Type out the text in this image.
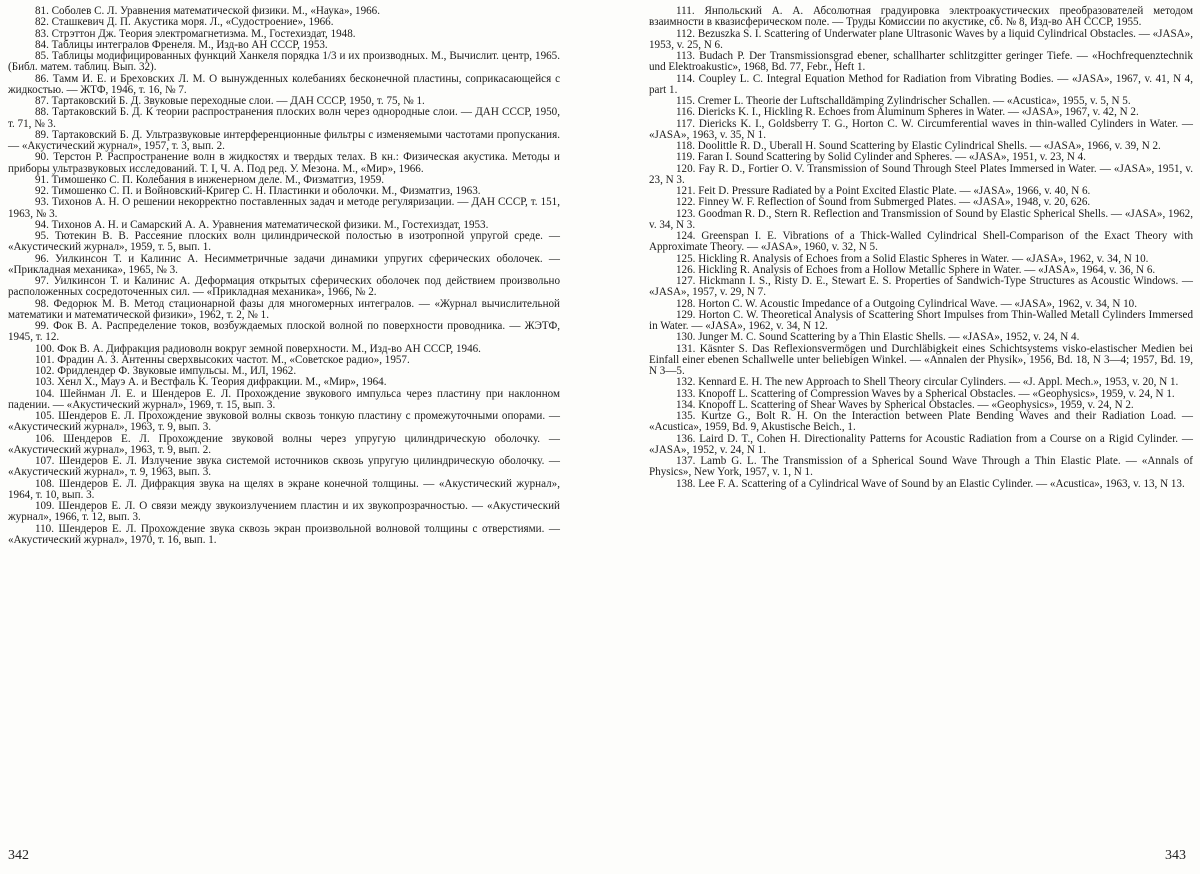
81. Соболев С. Л. Уравнения математической физики. М., «Наука», 1966.

82. Сташкевич Д. П. Акустика моря. Л., «Судостроение», 1966.

83. Стрэттон Дж. Теория электромагнетизма. М., Гостехиздат, 1948.

84. Таблицы интегралов Френеля. М., Изд-во АН СССР, 1953.

85. Таблицы модифицированных функций Ханкеля порядка 1/3 и их производных. М., Вычислит. центр, 1965. (Библ. матем. таблиц. Вып. 32).

86. Тамм И. Е. и Брeховских Л. М. О вынужденных колебаниях бесконечной пластины, соприкасающейся с жидкостью. — ЖТФ, 1946, т. 16, № 7.

87. Тартаковский Б. Д. Звуковые переходные слои. — ДАН СССР, 1950, т. 75, № 1.

88. Тартаковский Б. Д. К теории распространения плоских волн через однородные слои. — ДАН СССР, 1950, т. 71, № 3.

89. Тартаковский Б. Д. Ультразвуковые интерференционные фильтры с изменяемыми частотами пропускания. — «Акустический журнал», 1957, т. 3, вып. 2.

90. Терстон Р. Распространение волн в жидкостях и твердых телах. В кн.: Физическая акустика. Методы и приборы ультразвуковых исследований. Т. I, Ч. А. Под ред. У. Мезона. М., «Мир», 1966.

91. Тимошенко С. П. Колебания в инженерном деле. М., Физматгиз, 1959.

92. Тимошенко С. П. и Войновский-Кригер С. Н. Пластинки и оболочки. М., Физматгиз, 1963.

93. Тихонов А. Н. О решении некорректно поставленных задач и методе регуляризации. — ДАН СССР, т. 151, 1963, № 3.

94. Тихонов А. Н. и Самарский А. А. Уравнения математической физики. М., Гостехиздат, 1953.

95. Тютекин В. В. Рассеяние плоских волн цилиндрической полостью в изотропной упругой среде. — «Акустический журнал», 1959, т. 5, вып. 1.

96. Уилкинсон Т. и Калинис А. Несимметричные задачи динамики упругих сферических оболочек. — «Прикладная механика», 1965, № 3.

97. Уилкинсон Т. и Калинис А. Деформация открытых сферических оболочек под действием произвольно расположенных сосредоточенных сил. — «Прикладная механика», 1966, № 2.

98. Федорюк М. В. Метод стационарной фазы для многомерных интегралов. — «Журнал вычислительной математики и математической физики», 1962, т. 2, № 1.

99. Фок В. А. Распределение токов, возбуждаемых плоской волной по поверхности проводника. — ЖЭТФ, 1945, т. 12.

100. Фок В. А. Дифракция радиоволн вокруг земной поверхности. М., Изд-во АН СССР, 1946.

101. Фрадин А. З. Антенны сверхвысоких частот. М., «Советское радио», 1957.

102. Фридлендер Ф. Звуковые импульсы. М., ИЛ, 1962.

103. Хенл Х., Мауэ А. и Вестфаль К. Теория дифракции. М., «Мир», 1964.

104. Шейнман Л. Е. и Шендеров Е. Л. Прохождение звукового импульса через пластину при наклонном падении. — «Акустический журнал», 1969, т. 15, вып. 3.

105. Шендеров Е. Л. Прохождение звуковой волны сквозь тонкую пластину с промежуточными опорами. — «Акустический журнал», 1963, т. 9, вып. 3.

106. Шендеров Е. Л. Прохождение звуковой волны через упругую цилиндрическую оболочку. — «Акустический журнал», 1963, т. 9, вып. 2.

107. Шендеров Е. Л. Излучение звука системой источников сквозь упругую цилиндрическую оболочку. — «Акустический журнал», т. 9, 1963, вып. 3.

108. Шендеров Е. Л. Дифракция звука на щелях в экране конечной толщины. — «Акустический журнал», 1964, т. 10, вып. 3.

109. Шендеров Е. Л. О связи между звукоизлучением пластин и их звукопрозрачностью. — «Акустический журнал», 1966, т. 12, вып. 3.

110. Шендеров Е. Л. Прохождение звука сквозь экран произвольной волновой толщины с отверстиями. — «Акустический журнал», 1970, т. 16, вып. 1.

342

111. Янпольский А. А. Абсолютная градуировка электроакустических преобразователей методом взаимности в квазисферическом поле. — Труды Комиссии по акустике, сб. № 8, Изд-во АН СССР, 1955.

112. Bezuszka S. I. Scattering of Underwater plane Ultrasonic Waves by a liquid Cylindrical Obstacles. — «JASA», 1953, v. 25, N 6.

113. Budach P. Der Transmissionsgrad ebener, schallharter schlitzgitter geringer Tiefe. — «Hochfrequenztechnik und Elektroakustic», 1968, Bd. 77, Febr., Heft 1.

114. Coupley L. C. Integral Equation Method for Radiation from Vibrating Bodies. — «JASA», 1967, v. 41, N 4, part 1.

115. Cremer L. Theorie der Luftschalldämping Zylindrischer Schallen. — «Acustica», 1955, v. 5, N 5.

116. Diericks K. I., Hickling R. Echoes from Aluminum Spheres in Water. — «JASA», 1967, v. 42, N 2.

117. Diericks K. I., Goldsberry T. G., Horton C. W. Circumferential waves in thin-walled Cylinders in Water. — «JASA», 1963, v. 35, N 1.

118. Doolittle R. D., Uberall H. Sound Scattering by Elastic Cylindrical Shells. — «JASA», 1966, v. 39, N 2.

119. Faran I. Sound Scattering by Solid Cylinder and Spheres. — «JASA», 1951, v. 23, N 4.

120. Fay R. D., Fortier O. V. Transmission of Sound Through Steel Plates Immersed in Water. — «JASA», 1951, v. 23, N 3.

121. Feit D. Pressure Radiated by a Point Excited Elastic Plate. — «JASA», 1966, v. 40, N 6.

122. Finney W. F. Reflection of Sound from Submerged Plates. — «JASA», 1948, v. 20, 626.

123. Goodman R. D., Stern R. Reflection and Transmission of Sound by Elastic Spherical Shells. — «JASA», 1962, v. 34, N 3.

124. Greenspan I. E. Vibrations of a Thick-Walled Cylindrical Shell-Comparison of the Exact Theory with Approximate Theory. — «JASA», 1960, v. 32, N 5.

125. Hickling R. Analysis of Echoes from a Solid Elastic Spheres in Water. — «JASA», 1962, v. 34, N 10.

126. Hickling R. Analysis of Echoes from a Hollow Metallic Sphere in Water. — «JASA», 1964, v. 36, N 6.

127. Hickmann I. S., Risty D. E., Stewart E. S. Properties of Sandwich-Type Structures as Acoustic Windows. — «JASA», 1957, v. 29, N 7.

128. Horton C. W. Acoustic Impedance of a Outgoing Cylindrical Wave. — «JASA», 1962, v. 34, N 10.

129. Horton C. W. Theoretical Analysis of Scattering Short Impulses from Thin-Walled Metall Cylinders Immersed in Water. — «JASA», 1962, v. 34, N 12.

130. Junger M. C. Sound Scattering by a Thin Elastic Shells. — «JASA», 1952, v. 24, N 4.

131. Käsnter S. Das Reflexionsvermögen und Durchläbigkeit eines Schichtsystems visko-elastischer Medien bei Einfall einer ebenen Schallwelle unter beliebigen Winkel. — «Annalen der Physik», 1956, Bd. 18, N 3—4; 1957, Bd. 19, N 3—5.

132. Kennard E. H. The new Approach to Shell Theory circular Cylinders. — «J. Appl. Mech.», 1953, v. 20, N 1.

133. Knopoff L. Scattering of Compression Waves by a Spherical Obstacles. — «Geophysics», 1959, v. 24, N 1.

134. Knopoff L. Scattering of Shear Waves by Spherical Obstacles. — «Geophysics», 1959, v. 24, N 2.

135. Kurtze G., Bolt R. H. On the Interaction between Plate Bending Waves and their Radiation Load. — «Acustica», 1959, Bd. 9, Akustische Beich., 1.

136. Laird D. T., Cohen H. Directionality Patterns for Acoustic Radiation from a Course on a Rigid Cylinder. — «JASA», 1952, v. 24, N 1.

137. Lamb G. L. The Transmission of a Spherical Sound Wave Through a Thin Elastic Plate. — «Annals of Physics», New York, 1957, v. 1, N 1.

138. Lee F. A. Scattering of a Cylindrical Wave of Sound by an Elastic Cylinder. — «Acustica», 1963, v. 13, N 13.

343
